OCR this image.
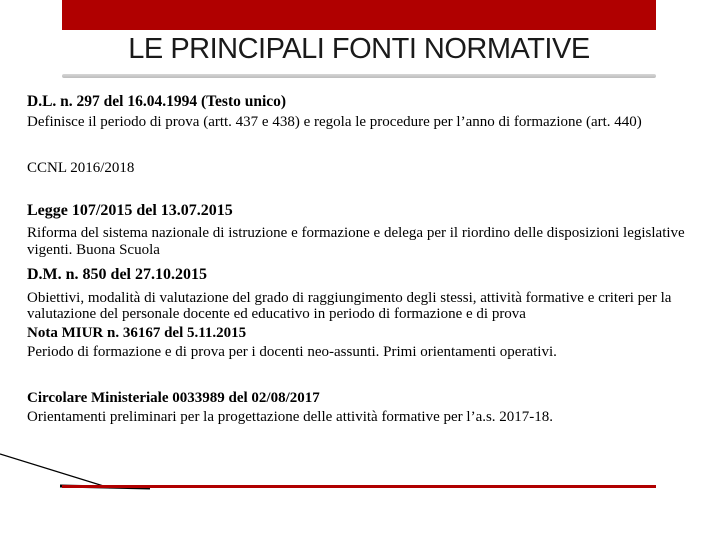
LE PRINCIPALI FONTI NORMATIVE
D.L. n. 297 del 16.04.1994 (Testo unico)
Definisce il periodo di prova (artt. 437 e 438) e regola le procedure per l’anno di formazione (art. 440)
CCNL 2016/2018
Legge 107/2015 del 13.07.2015
Riforma del sistema nazionale di istruzione e formazione e delega per il riordino delle disposizioni legislative vigenti. Buona Scuola
D.M. n. 850 del 27.10.2015
Obiettivi, modalità di valutazione del grado di raggiungimento degli stessi, attività formative e criteri per la valutazione del personale docente ed educativo in periodo di formazione e di prova
Nota MIUR n. 36167 del 5.11.2015
Periodo di formazione e di prova per i docenti neo-assunti. Primi orientamenti operativi.
Circolare Ministeriale 0033989 del 02/08/2017
Orientamenti preliminari per la progettazione delle attività formative per l’a.s. 2017-18.
